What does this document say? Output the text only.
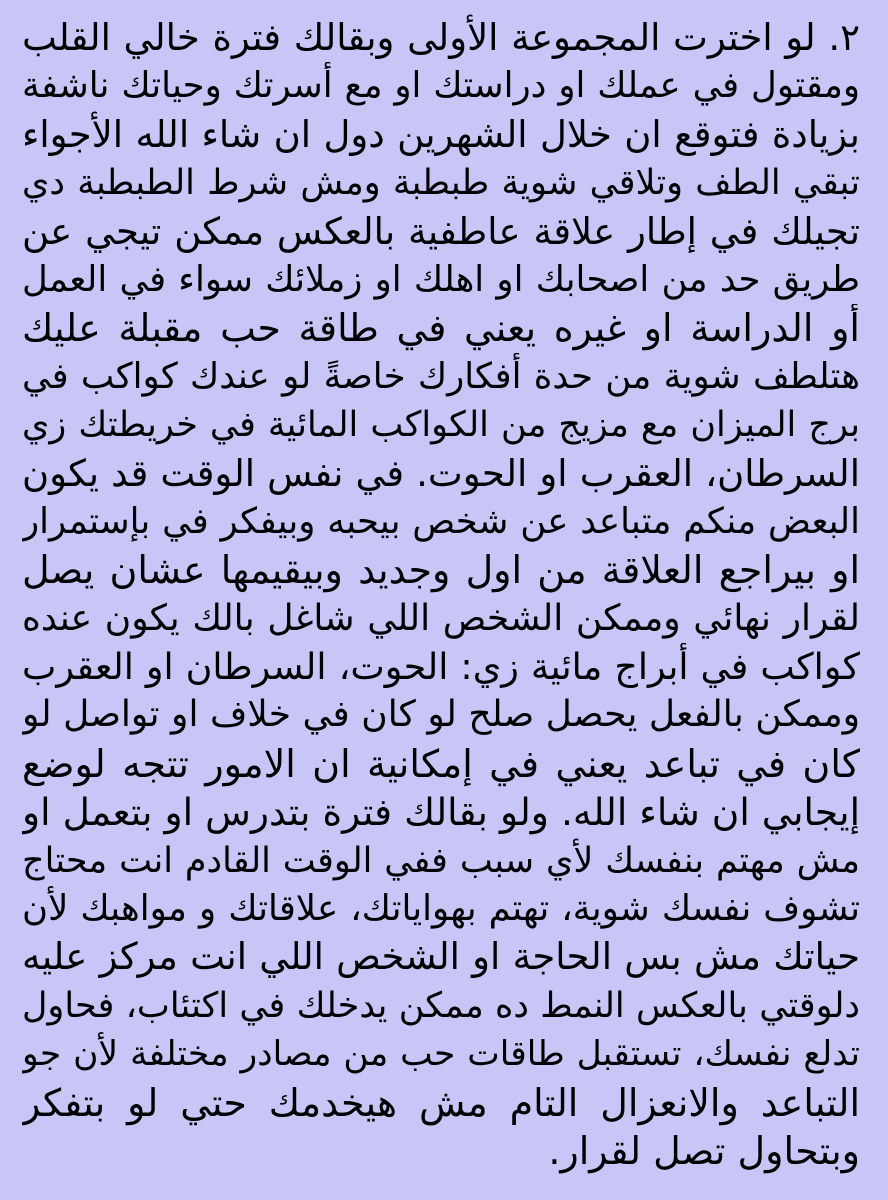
٢. لو اخترت المجموعة الأولى وبقالك فترة خالي القلب
ومقتول في عملك او دراستك او مع أسرتك وحياتك ناشفة
بزيادة فتوقع ان خلال الشهرين دول ان شاء الله الأجواء
تبقي الطف وتلاقي شوية طبطبة ومش شرط الطبطبة دي
تجيلك في إطار علاقة عاطفية بالعكس ممكن تيجي عن
طريق حد من اصحابك او اهلك او زملائك سواء في العمل
أو الدراسة او غيره يعني في طاقة حب مقبلة عليك
هتلطف شوية من حدة أفكارك خاصةً لو عندك كواكب في
برج الميزان مع مزيج من الكواكب المائية في خريطتك زي
السرطان، العقرب او الحوت. في نفس الوقت قد يكون
البعض منكم متباعد عن شخص بيحبه وبيفكر في بإستمرار
او بيراجع العلاقة من اول وجديد وبيقيمها عشان يصل
لقرار نهائي وممكن الشخص اللي شاغل بالك يكون عنده
كواكب في أبراج مائية زي: الحوت، السرطان او العقرب
وممكن بالفعل يحصل صلح لو كان في خلاف او تواصل لو
كان في تباعد يعني في إمكانية ان الامور تتجه لوضع
إيجابي ان شاء الله. ولو بقالك فترة بتدرس او بتعمل او
مش مهتم بنفسك لأي سبب ففي الوقت القادم انت محتاج
تشوف نفسك شوية، تهتم بهواياتك، علاقاتك و مواهبك لأن
حياتك مش بس الحاجة او الشخص اللي انت مركز عليه
دلوقتي بالعكس النمط ده ممكن يدخلك في اكتئاب، فحاول
تدلع نفسك، تستقبل طاقات حب من مصادر مختلفة لأن جو
التباعد والانعزال التام مش هيخدمك حتي لو بتفكر
وبتحاول تصل لقرار.
